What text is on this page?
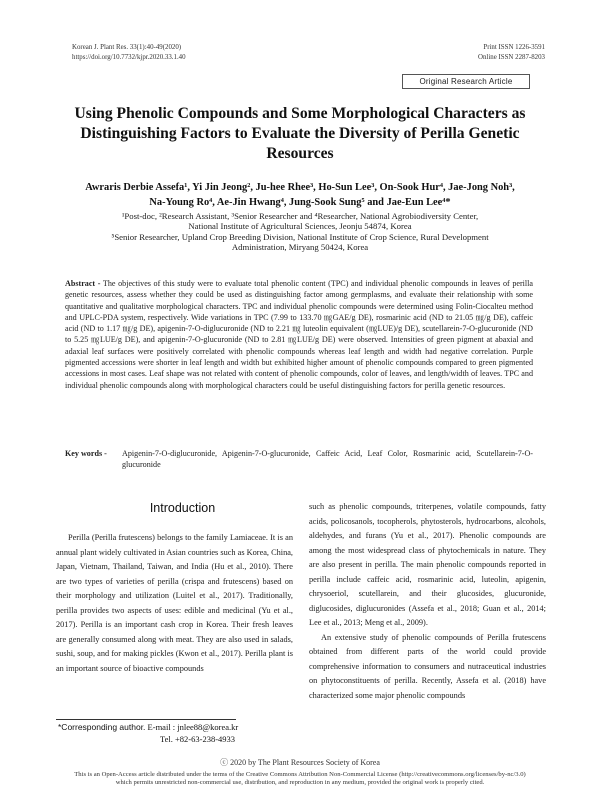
Korean J. Plant Res. 33(1):40-49(2020)
https://doi.org/10.7732/kjpr.2020.33.1.40
Print ISSN 1226-3591
Online ISSN 2287-8203
Original Research Article
Using Phenolic Compounds and Some Morphological Characters as Distinguishing Factors to Evaluate the Diversity of Perilla Genetic Resources
Awraris Derbie Assefa¹, Yi Jin Jeong², Ju-hee Rhee³, Ho-Sun Lee³, On-Sook Hur⁴, Jae-Jong Noh³,
Na-Young Ro⁴, Ae-Jin Hwang⁴, Jung-Sook Sung⁵ and Jae-Eun Lee⁴*
¹Post-doc, ²Research Assistant, ³Senior Researcher and ⁴Researcher, National Agrobiodiversity Center,
National Institute of Agricultural Sciences, Jeonju 54874, Korea
⁵Senior Researcher, Upland Crop Breeding Division, National Institute of Crop Science, Rural Development
Administration, Miryang 50424, Korea
Abstract - The objectives of this study were to evaluate total phenolic content (TPC) and individual phenolic compounds in leaves of perilla genetic resources, assess whether they could be used as distinguishing factor among germplasms, and evaluate their relationship with some quantitative and qualitative morphological characters. TPC and individual phenolic compounds were determined using Folin-Ciocalteu method and UPLC-PDA system, respectively. Wide variations in TPC (7.99 to 133.70 ㎎GAE/g DE), rosmarinic acid (ND to 21.05 ㎎/g DE), caffeic acid (ND to 1.17 ㎎/g DE), apigenin-7-O-diglucuronide (ND to 2.21 ㎎ luteolin equivalent (㎎LUE)/g DE), scutellarein-7-O-glucuronide (ND to 5.25 ㎎LUE/g DE), and apigenin-7-O-glucuronide (ND to 2.81 ㎎LUE/g DE) were observed. Intensities of green pigment at abaxial and adaxial leaf surfaces were positively correlated with phenolic compounds whereas leaf length and width had negative correlation. Purple pigmented accessions were shorter in leaf length and width but exhibited higher amount of phenolic compounds compared to green pigmented accessions in most cases. Leaf shape was not related with content of phenolic compounds, color of leaves, and length/width of leaves. TPC and individual phenolic compounds along with morphological characters could be useful distinguishing factors for perilla genetic resources.
Key words -	Apigenin-7-O-diglucuronide, Apigenin-7-O-glucuronide, Caffeic Acid, Leaf Color, Rosmarinic acid, Scutellarein-7-O-glucuronide
Introduction

Perilla (Perilla frutescens) belongs to the family Lamiaceae. It is an annual plant widely cultivated in Asian countries such as Korea, China, Japan, Vietnam, Thailand, Taiwan, and India (Hu et al., 2010). There are two types of varieties of perilla (crispa and frutescens) based on their morphology and utilization (Luitel et al., 2017). Traditionally, perilla provides two aspects of uses: edible and medicinal (Yu et al., 2017). Perilla is an important cash crop in Korea. Their fresh leaves are generally consumed along with meat. They are also used in salads, sushi, soup, and for making pickles (Kwon et al., 2017). Perilla plant is an important source of bioactive compounds

such as phenolic compounds, triterpenes, volatile compounds, fatty acids, policosanols, tocopherols, phytosterols, hydrocarbons, alcohols, aldehydes, and furans (Yu et al., 2017). Phenolic compounds are among the most widespread class of phytochemicals in nature. They are also present in perilla. The main phenolic compounds reported in perilla include caffeic acid, rosmarinic acid, luteolin, apigenin, chrysoeriol, scutellarein, and their glucosides, glucuronide, diglucosides, diglucuronides (Assefa et al., 2018; Guan et al., 2014; Lee et al., 2013; Meng et al., 2009).

An extensive study of phenolic compounds of Perilla frutescens obtained from different parts of the world could provide comprehensive information to consumers and nutraceutical industries on phytoconstituents of perilla. Recently, Assefa et al. (2018) have characterized some major phenolic compounds

*Corresponding author. E-mail : jnlee88@korea.kr
Tel. +82-63-238-4933
ⓒ 2020 by The Plant Resources Society of Korea
This is an Open-Access article distributed under the terms of the Creative Commons Attribution Non-Commercial License (http://creativecommons.org/licenses/by-nc/3.0)
which permits unrestricted non-commercial use, distribution, and reproduction in any medium, provided the original work is properly cited.
